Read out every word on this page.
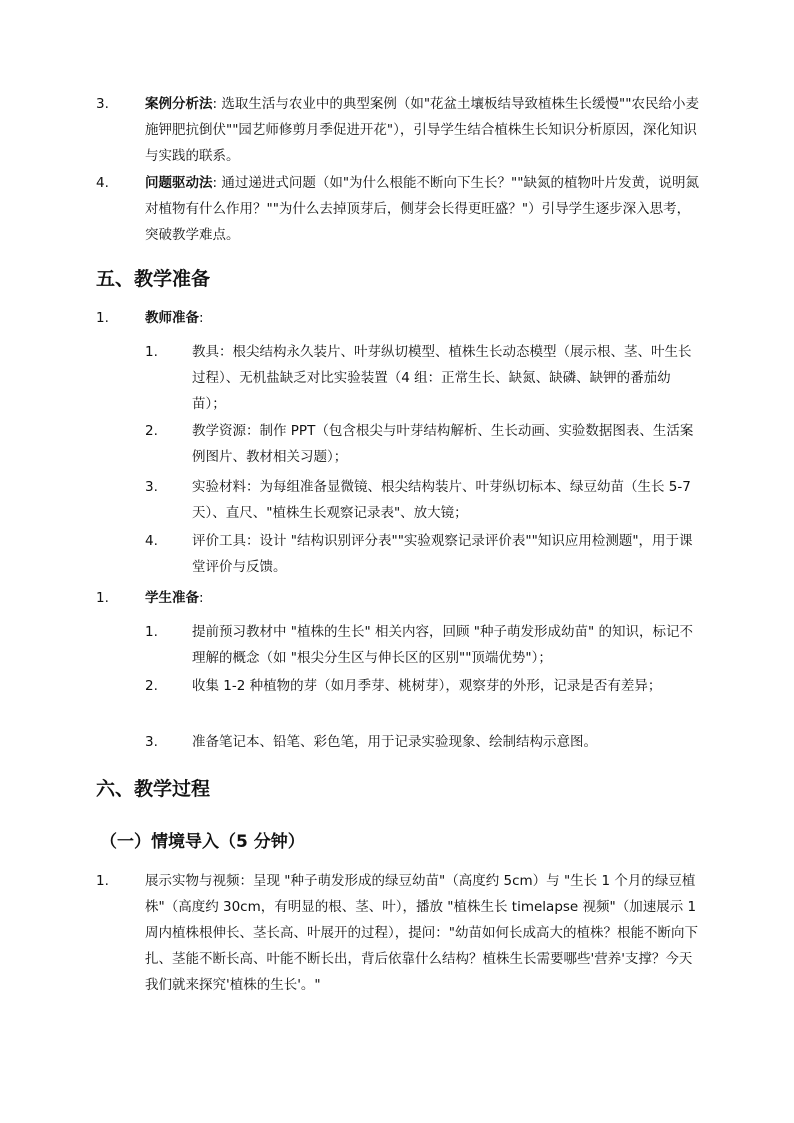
3.	案例分析法: 选取生活与农业中的典型案例（如"花盆土壤板结导致植株生长缓慢""农民给小麦施钾肥抗倒伏""园艺师修剪月季促进开花"），引导学生结合植株生长知识分析原因，深化知识与实践的联系。
4.	问题驱动法: 通过递进式问题（如"为什么根能不断向下生长？""缺氮的植物叶片发黄，说明氮对植物有什么作用？""为什么去掉顶芽后，侧芽会长得更旺盛？"）引导学生逐步深入思考，突破教学难点。
五、教学准备
1.	教师准备:
1.	教具：根尖结构永久装片、叶芽纵切模型、植株生长动态模型（展示根、茎、叶生长过程）、无机盐缺乏对比实验装置（4 组：正常生长、缺氮、缺磷、缺钾的番茄幼苗）；
2.	教学资源：制作 PPT（包含根尖与叶芽结构解析、生长动画、实验数据图表、生活案例图片、教材相关习题）；
3.	实验材料：为每组准备显微镜、根尖结构装片、叶芽纵切标本、绿豆幼苗（生长 5-7 天）、直尺、"植株生长观察记录表"、放大镜；
4.	评价工具：设计 "结构识别评分表""实验观察记录评价表""知识应用检测题"，用于课堂评价与反馈。
1.	学生准备:
1.	提前预习教材中 "植株的生长" 相关内容，回顾 "种子萌发形成幼苗" 的知识，标记不理解的概念（如 "根尖分生区与伸长区的区别""顶端优势"）；
2.	收集 1-2 种植物的芽（如月季芽、桃树芽），观察芽的外形，记录是否有差异；
3.	准备笔记本、铅笔、彩色笔，用于记录实验现象、绘制结构示意图。
六、教学过程
（一）情境导入（5 分钟）
1.	展示实物与视频：呈现 "种子萌发形成的绿豆幼苗"（高度约 5cm）与 "生长 1 个月的绿豆植株"（高度约 30cm，有明显的根、茎、叶），播放 "植株生长 timelapse 视频"（加速展示 1 周内植株根伸长、茎长高、叶展开的过程），提问："幼苗如何长成高大的植株？根能不断向下扎、茎能不断长高、叶能不断长出，背后依靠什么结构？植株生长需要哪些'营养'支撑？今天我们就来探究'植株的生长'。"
